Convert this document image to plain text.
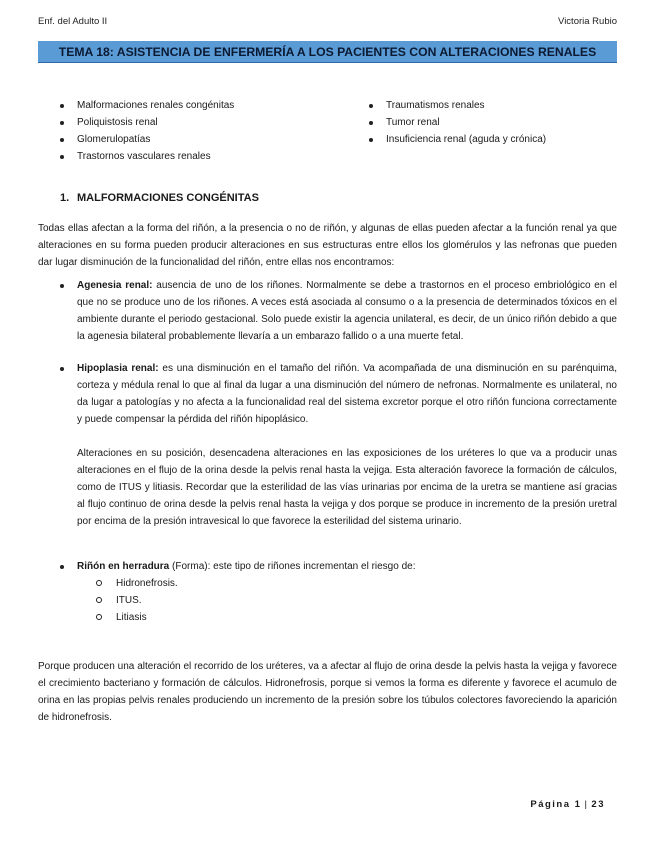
Enf. del Adulto II	Victoria Rubio
TEMA 18: ASISTENCIA DE ENFERMERÍA A LOS PACIENTES CON ALTERACIONES RENALES
Malformaciones renales congénitas
Poliquistosis renal
Glomerulopatías
Trastornos vasculares renales
Traumatismos renales
Tumor renal
Insuficiencia renal (aguda y crónica)
1. MALFORMACIONES CONGÉNITAS
Todas ellas afectan a la forma del riñón, a la presencia o no de riñón, y algunas de ellas pueden afectar a la función renal ya que alteraciones en su forma pueden producir alteraciones en sus estructuras entre ellos los glomérulos y las nefronas que pueden dar lugar disminución de la funcionalidad del riñón, entre ellas nos encontramos:
Agenesia renal: ausencia de uno de los riñones. Normalmente se debe a trastornos en el proceso embriológico en el que no se produce uno de los riñones. A veces está asociada al consumo o a la presencia de determinados tóxicos en el ambiente durante el periodo gestacional. Solo puede existir la agencia unilateral, es decir, de un único riñón debido a que la agenesia bilateral probablemente llevaría a un embarazo fallido o a una muerte fetal.
Hipoplasia renal: es una disminución en el tamaño del riñón. Va acompañada de una disminución en su parénquima, corteza y médula renal lo que al final da lugar a una disminución del número de nefronas. Normalmente es unilateral, no da lugar a patologías y no afecta a la funcionalidad real del sistema excretor porque el otro riñón funciona correctamente y puede compensar la pérdida del riñón hipoplásico.
Alteraciones en su posición, desencadena alteraciones en las exposiciones de los uréteres lo que va a producir unas alteraciones en el flujo de la orina desde la pelvis renal hasta la vejiga. Esta alteración favorece la formación de cálculos, como de ITUS y litiasis. Recordar que la esterilidad de las vías urinarias por encima de la uretra se mantiene así gracias al flujo continuo de orina desde la pelvis renal hasta la vejiga y dos porque se produce in incremento de la presión uretral por encima de la presión intravesical lo que favorece la esterilidad del sistema urinario.
Riñón en herradura (Forma): este tipo de riñones incrementan el riesgo de:
Hidronefrosis.
ITUS.
Litiasis
Porque producen una alteración el recorrido de los uréteres, va a afectar al flujo de orina desde la pelvis hasta la vejiga y favorece el crecimiento bacteriano y formación de cálculos. Hidronefrosis, porque si vemos la forma es diferente y favorece el acumulo de orina en las propias pelvis renales produciendo un incremento de la presión sobre los túbulos colectores favoreciendo la aparición de hidronefrosis.
Página 1 | 23
